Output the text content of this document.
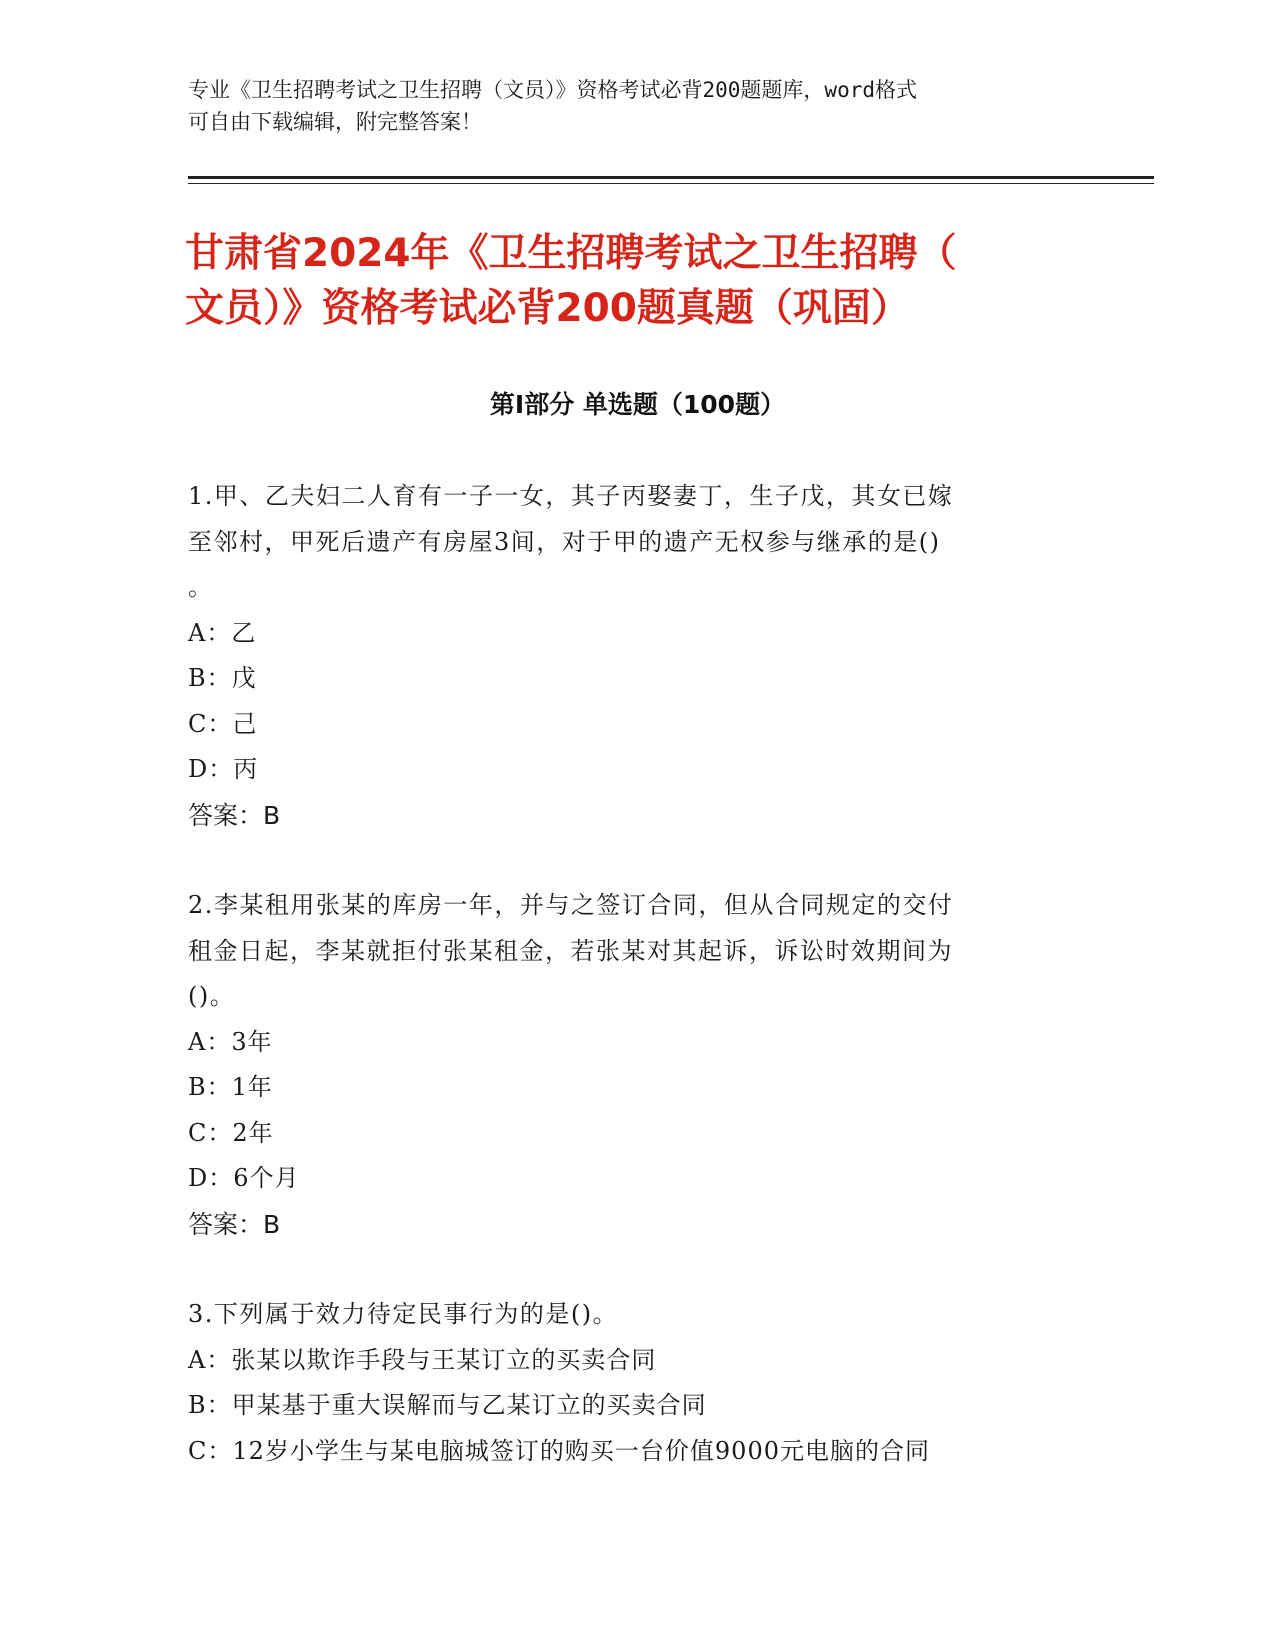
专业《卫生招聘考试之卫生招聘（文员）》资格考试必背200题题库，word格式
可自由下载编辑，附完整答案！
甘肃省2024年《卫生招聘考试之卫生招聘（
文员）》资格考试必背200题真题（巩固）
第Ⅰ部分 单选题（100题）

1.甲、乙夫妇二人育有一子一女，其子丙娶妻丁，生子戊，其女已嫁

至邻村，甲死后遗产有房屋3间，对于甲的遗产无权参与继承的是()

。

A：乙

B：戊

C：己

D：丙

答案：B

2.李某租用张某的库房一年，并与之签订合同，但从合同规定的交付

租金日起，李某就拒付张某租金，若张某对其起诉，诉讼时效期间为

()。

A：3年

B：1年

C：2年

D：6个月

答案：B

3.下列属于效力待定民事行为的是()。

A：张某以欺诈手段与王某订立的买卖合同

B：甲某基于重大误解而与乙某订立的买卖合同

C：12岁小学生与某电脑城签订的购买一台价值9000元电脑的合同
